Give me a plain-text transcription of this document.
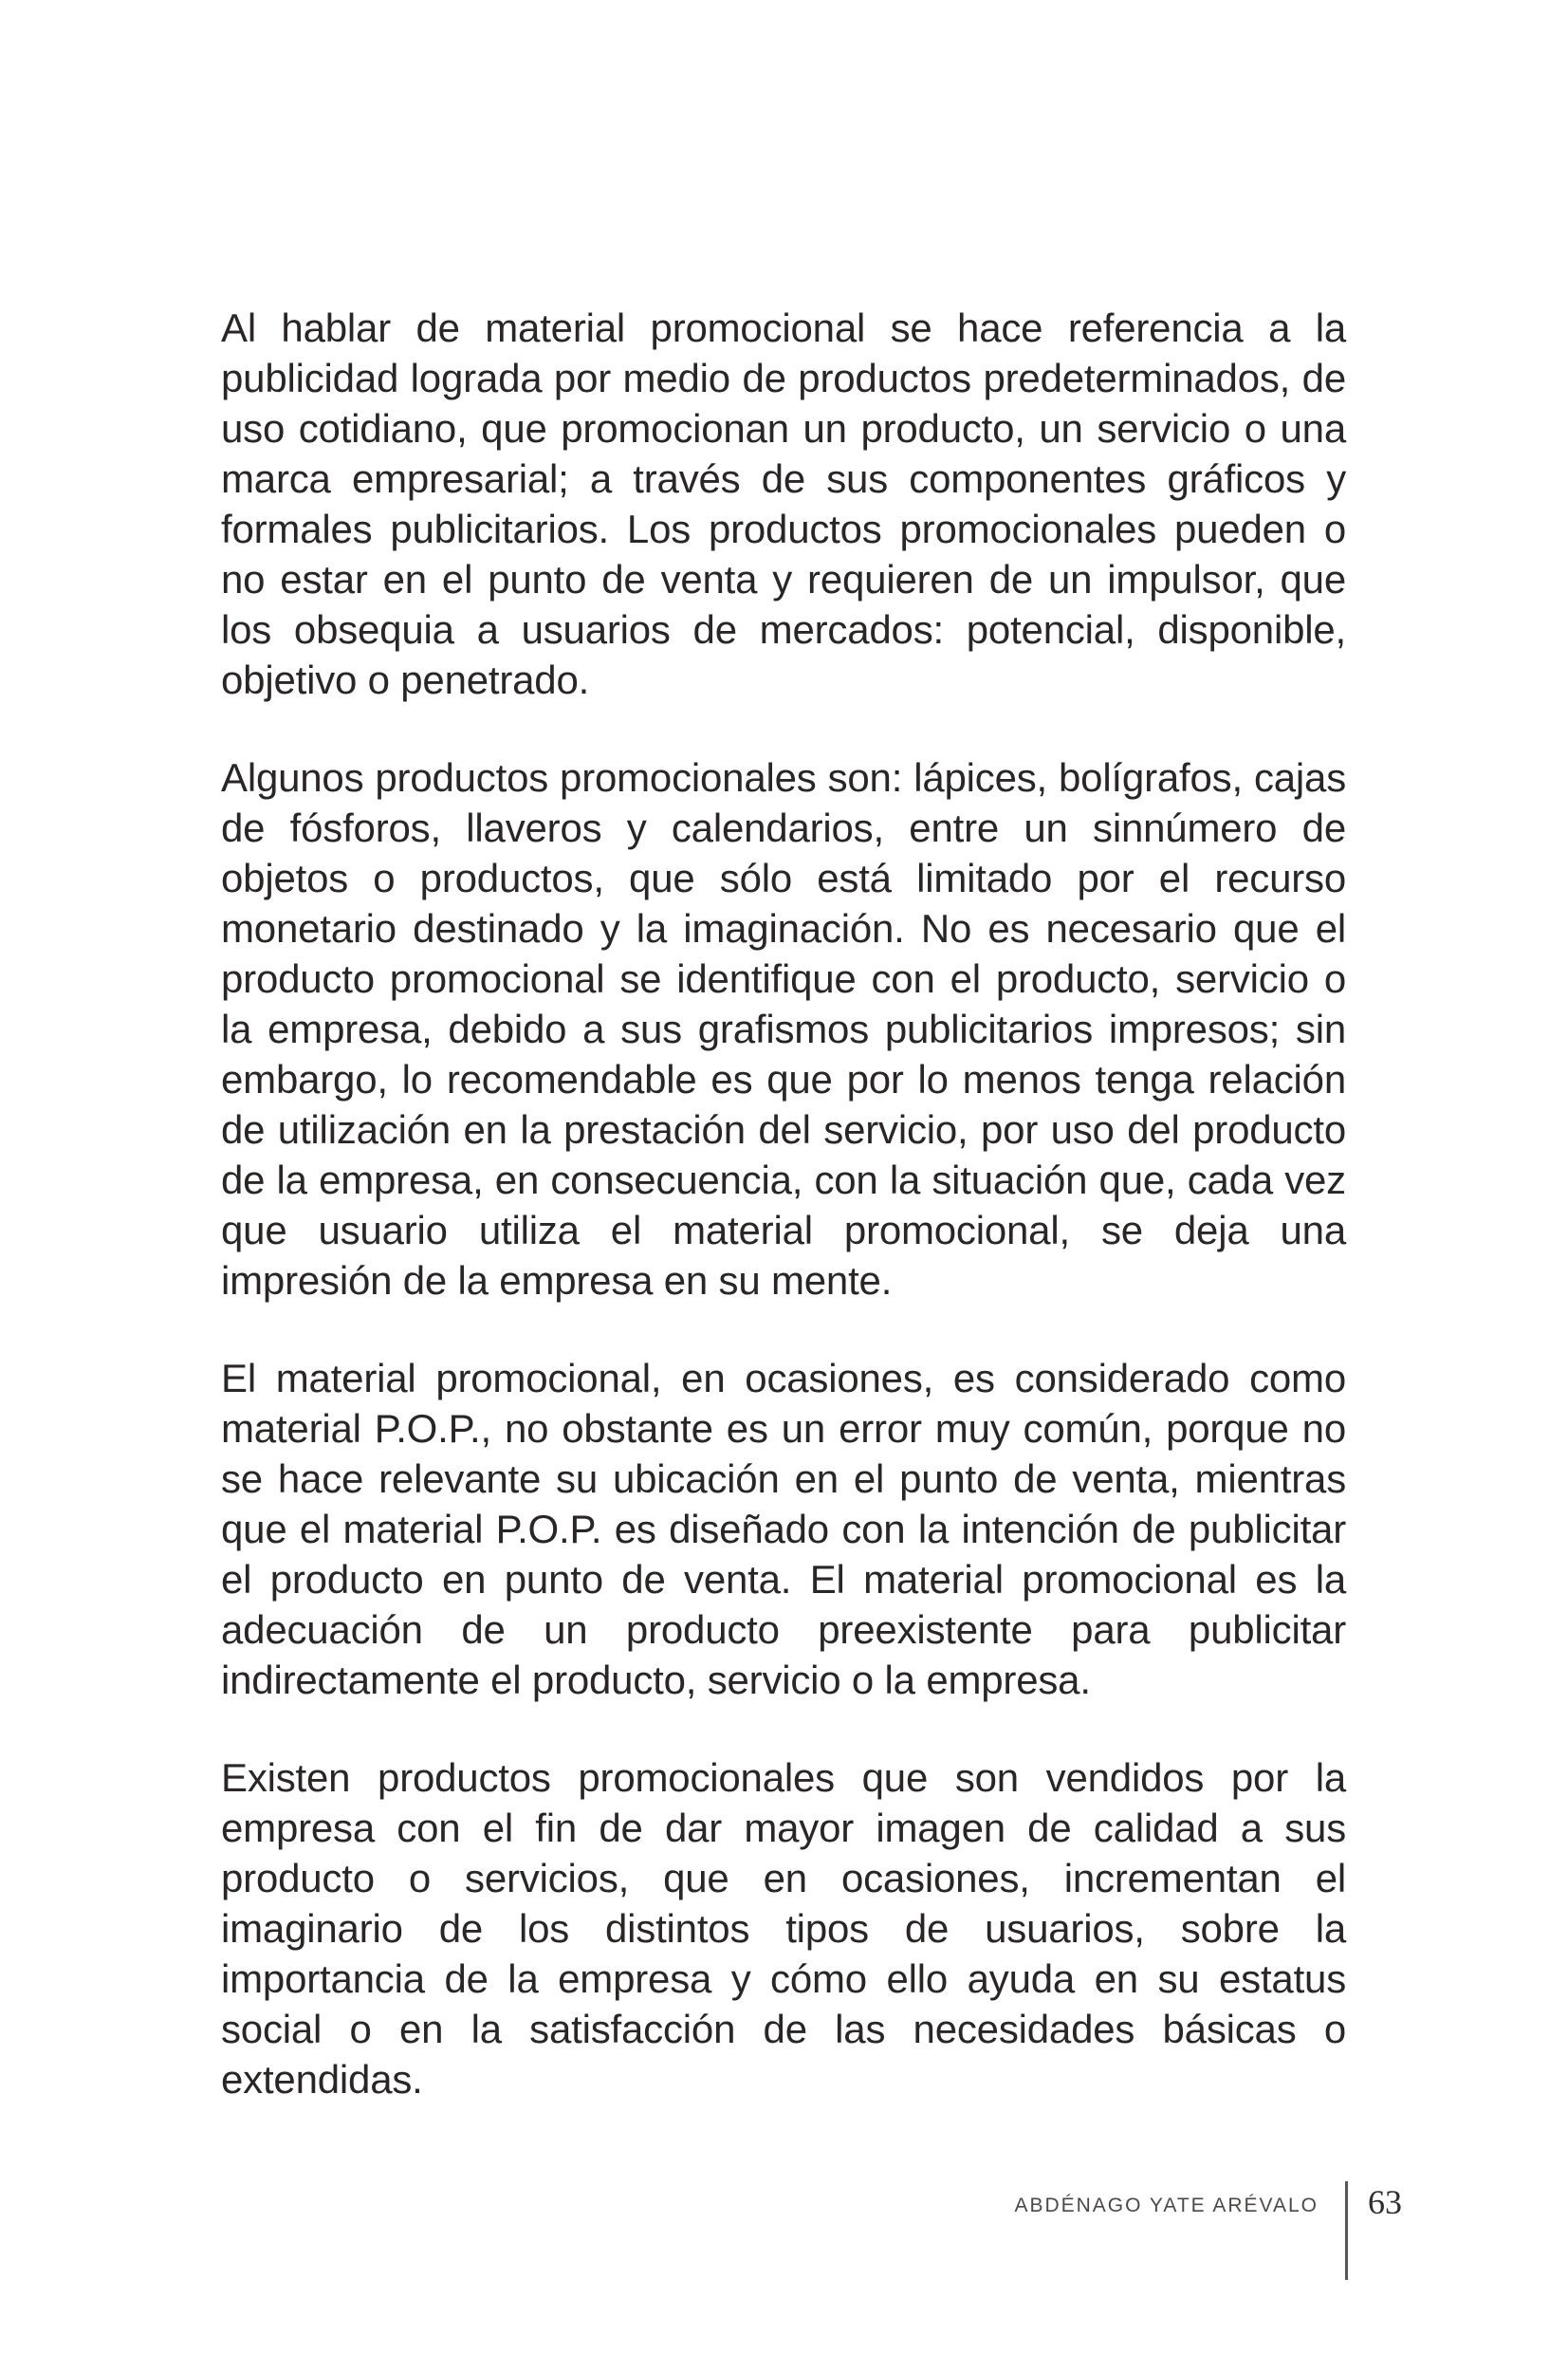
Al hablar de material promocional se hace referencia a la publicidad lograda por medio de productos predeterminados, de uso cotidiano, que promocionan un producto, un servicio o una marca empresarial; a través de sus componentes gráficos y formales publicitarios. Los productos promocionales pueden o no estar en el punto de venta y requieren de un impulsor, que los obsequia a usuarios de mercados: potencial, disponible, objetivo o penetrado.

Algunos productos promocionales son: lápices, bolígrafos, cajas de fósforos, llaveros y calendarios, entre un sinnúmero de objetos o productos, que sólo está limitado por el recurso monetario destinado y la imaginación. No es necesario que el producto promocional se identifique con el producto, servicio o la empresa, debido a sus grafismos publicitarios impresos; sin embargo, lo recomendable es que por lo menos tenga relación de utilización en la prestación del servicio, por uso del producto de la empresa, en consecuencia, con la situación que, cada vez que usuario utiliza el material promocional, se deja una impresión de la empresa en su mente.

El material promocional, en ocasiones, es considerado como material P.O.P., no obstante es un error muy común, porque no se hace relevante su ubicación en el punto de venta, mientras que el material P.O.P. es diseñado con la intención de publicitar el producto en punto de venta. El material promocional es la adecuación de un producto preexistente para publicitar indirectamente el producto, servicio o la empresa.

Existen productos promocionales que son vendidos por la empresa con el fin de dar mayor imagen de calidad a sus producto o servicios, que en ocasiones, incrementan el imaginario de los distintos tipos de usuarios, sobre la importancia de la empresa y cómo ello ayuda en su estatus social o en la satisfacción de las necesidades básicas o extendidas.

ABDÉNAGO YATE ARÉVALO 63
